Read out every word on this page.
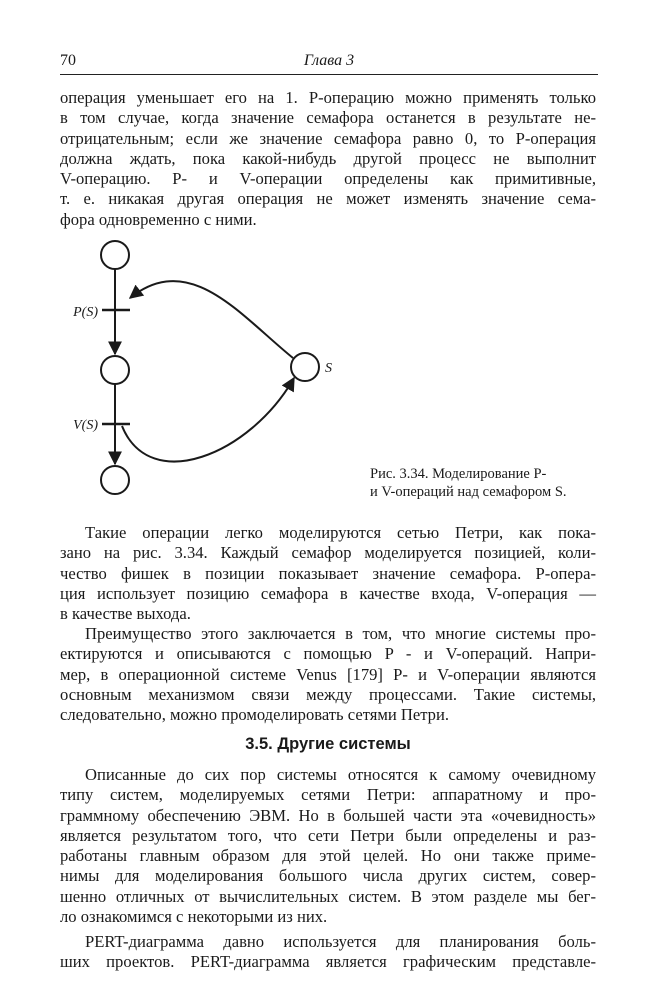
70	Глава 3
операция уменьшает его на 1. P-операцию можно применять только
в том случае, когда значение семафора останется в результате не-
отрицательным; если же значение семафора равно 0, то P-операция
должна ждать, пока какой-нибудь другой процесс не выполнит
V-операцию. P- и V-операции определены как примитивные,
т. е. никакая другая операция не может изменять значение сема-
фора одновременно с ними.
P(S)
V(S)
S
Рис. 3.34. Моделирование P-
и V-операций над семафором S.
Такие операции легко моделируются сетью Петри, как пока-
зано на рис. 3.34. Каждый семафор моделируется позицией, коли-
чество фишек в позиции показывает значение семафора. P-опера-
ция использует позицию семафора в качестве входа, V-операция —
в качестве выхода.
Преимущество этого заключается в том, что многие системы про-
ектируются и описываются с помощью P - и V-операций. Напри-
мер, в операционной системе Venus [179] P- и V-операции являются
основным механизмом связи между процессами. Такие системы,
следовательно, можно промоделировать сетями Петри.
3.5. Другие системы
Описанные до сих пор системы относятся к самому очевидному
типу систем, моделируемых сетями Петри: аппаратному и про-
граммному обеспечению ЭВМ. Но в большей части эта «очевидность»
является результатом того, что сети Петри были определены и раз-
работаны главным образом для этой целей. Но они также приме-
нимы для моделирования большого числа других систем, совер-
шенно отличных от вычислительных систем. В этом разделе мы бег-
ло ознакомимся с некоторыми из них.
PERT-диаграмма давно используется для планирования боль-
ших проектов. PERT-диаграмма является графическим представле-
